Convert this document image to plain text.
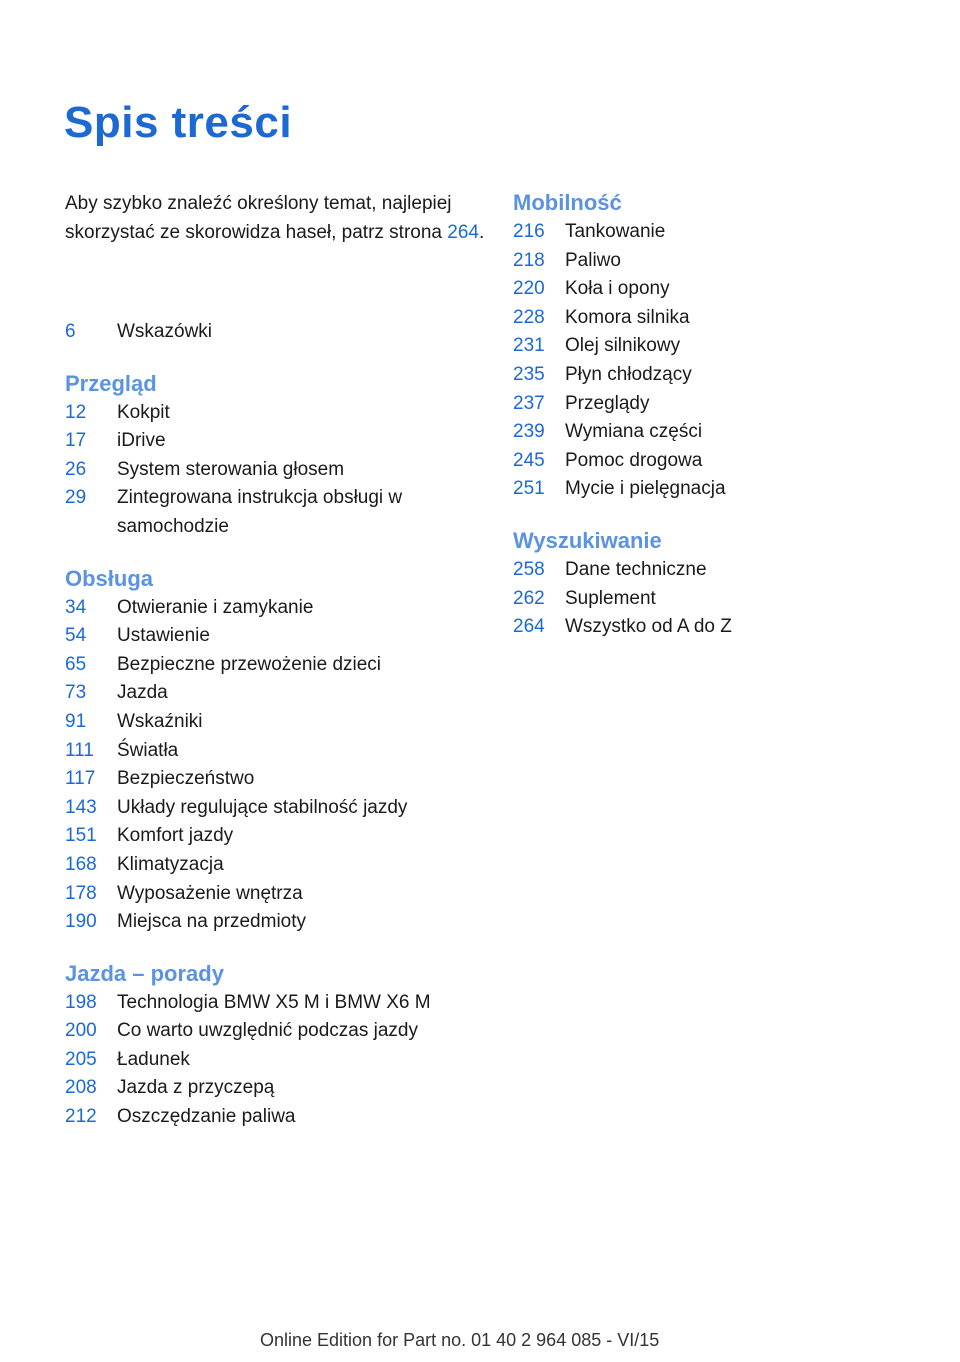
Spis treści

Aby szybko znaleźć określony temat, najlepiej skorzystać ze skorowidza haseł, patrz strona 264.

6	Wskazówki
Przegląd
12	Kokpit
17	iDrive
26	System sterowania głosem
29	Zintegrowana instrukcja obsługi w samochodzie
Obsługa
34	Otwieranie i zamykanie
54	Ustawienie
65	Bezpieczne przewożenie dzieci
73	Jazda
91	Wskaźniki
111	Światła
117	Bezpieczeństwo
143	Układy regulujące stabilność jazdy
151	Komfort jazdy
168	Klimatyzacja
178	Wyposażenie wnętrza
190	Miejsca na przedmioty
Jazda – porady
198	Technologia BMW X5 M i BMW X6 M
200	Co warto uwzględnić podczas jazdy
205	Ładunek
208	Jazda z przyczepą
212	Oszczędzanie paliwa
Mobilność
216	Tankowanie
218	Paliwo
220	Koła i opony
228	Komora silnika
231	Olej silnikowy
235	Płyn chłodzący
237	Przeglądy
239	Wymiana części
245	Pomoc drogowa
251	Mycie i pielęgnacja
Wyszukiwanie
258	Dane techniczne
262	Suplement
264	Wszystko od A do Z
Online Edition for Part no. 01 40 2 964 085 - VI/15
